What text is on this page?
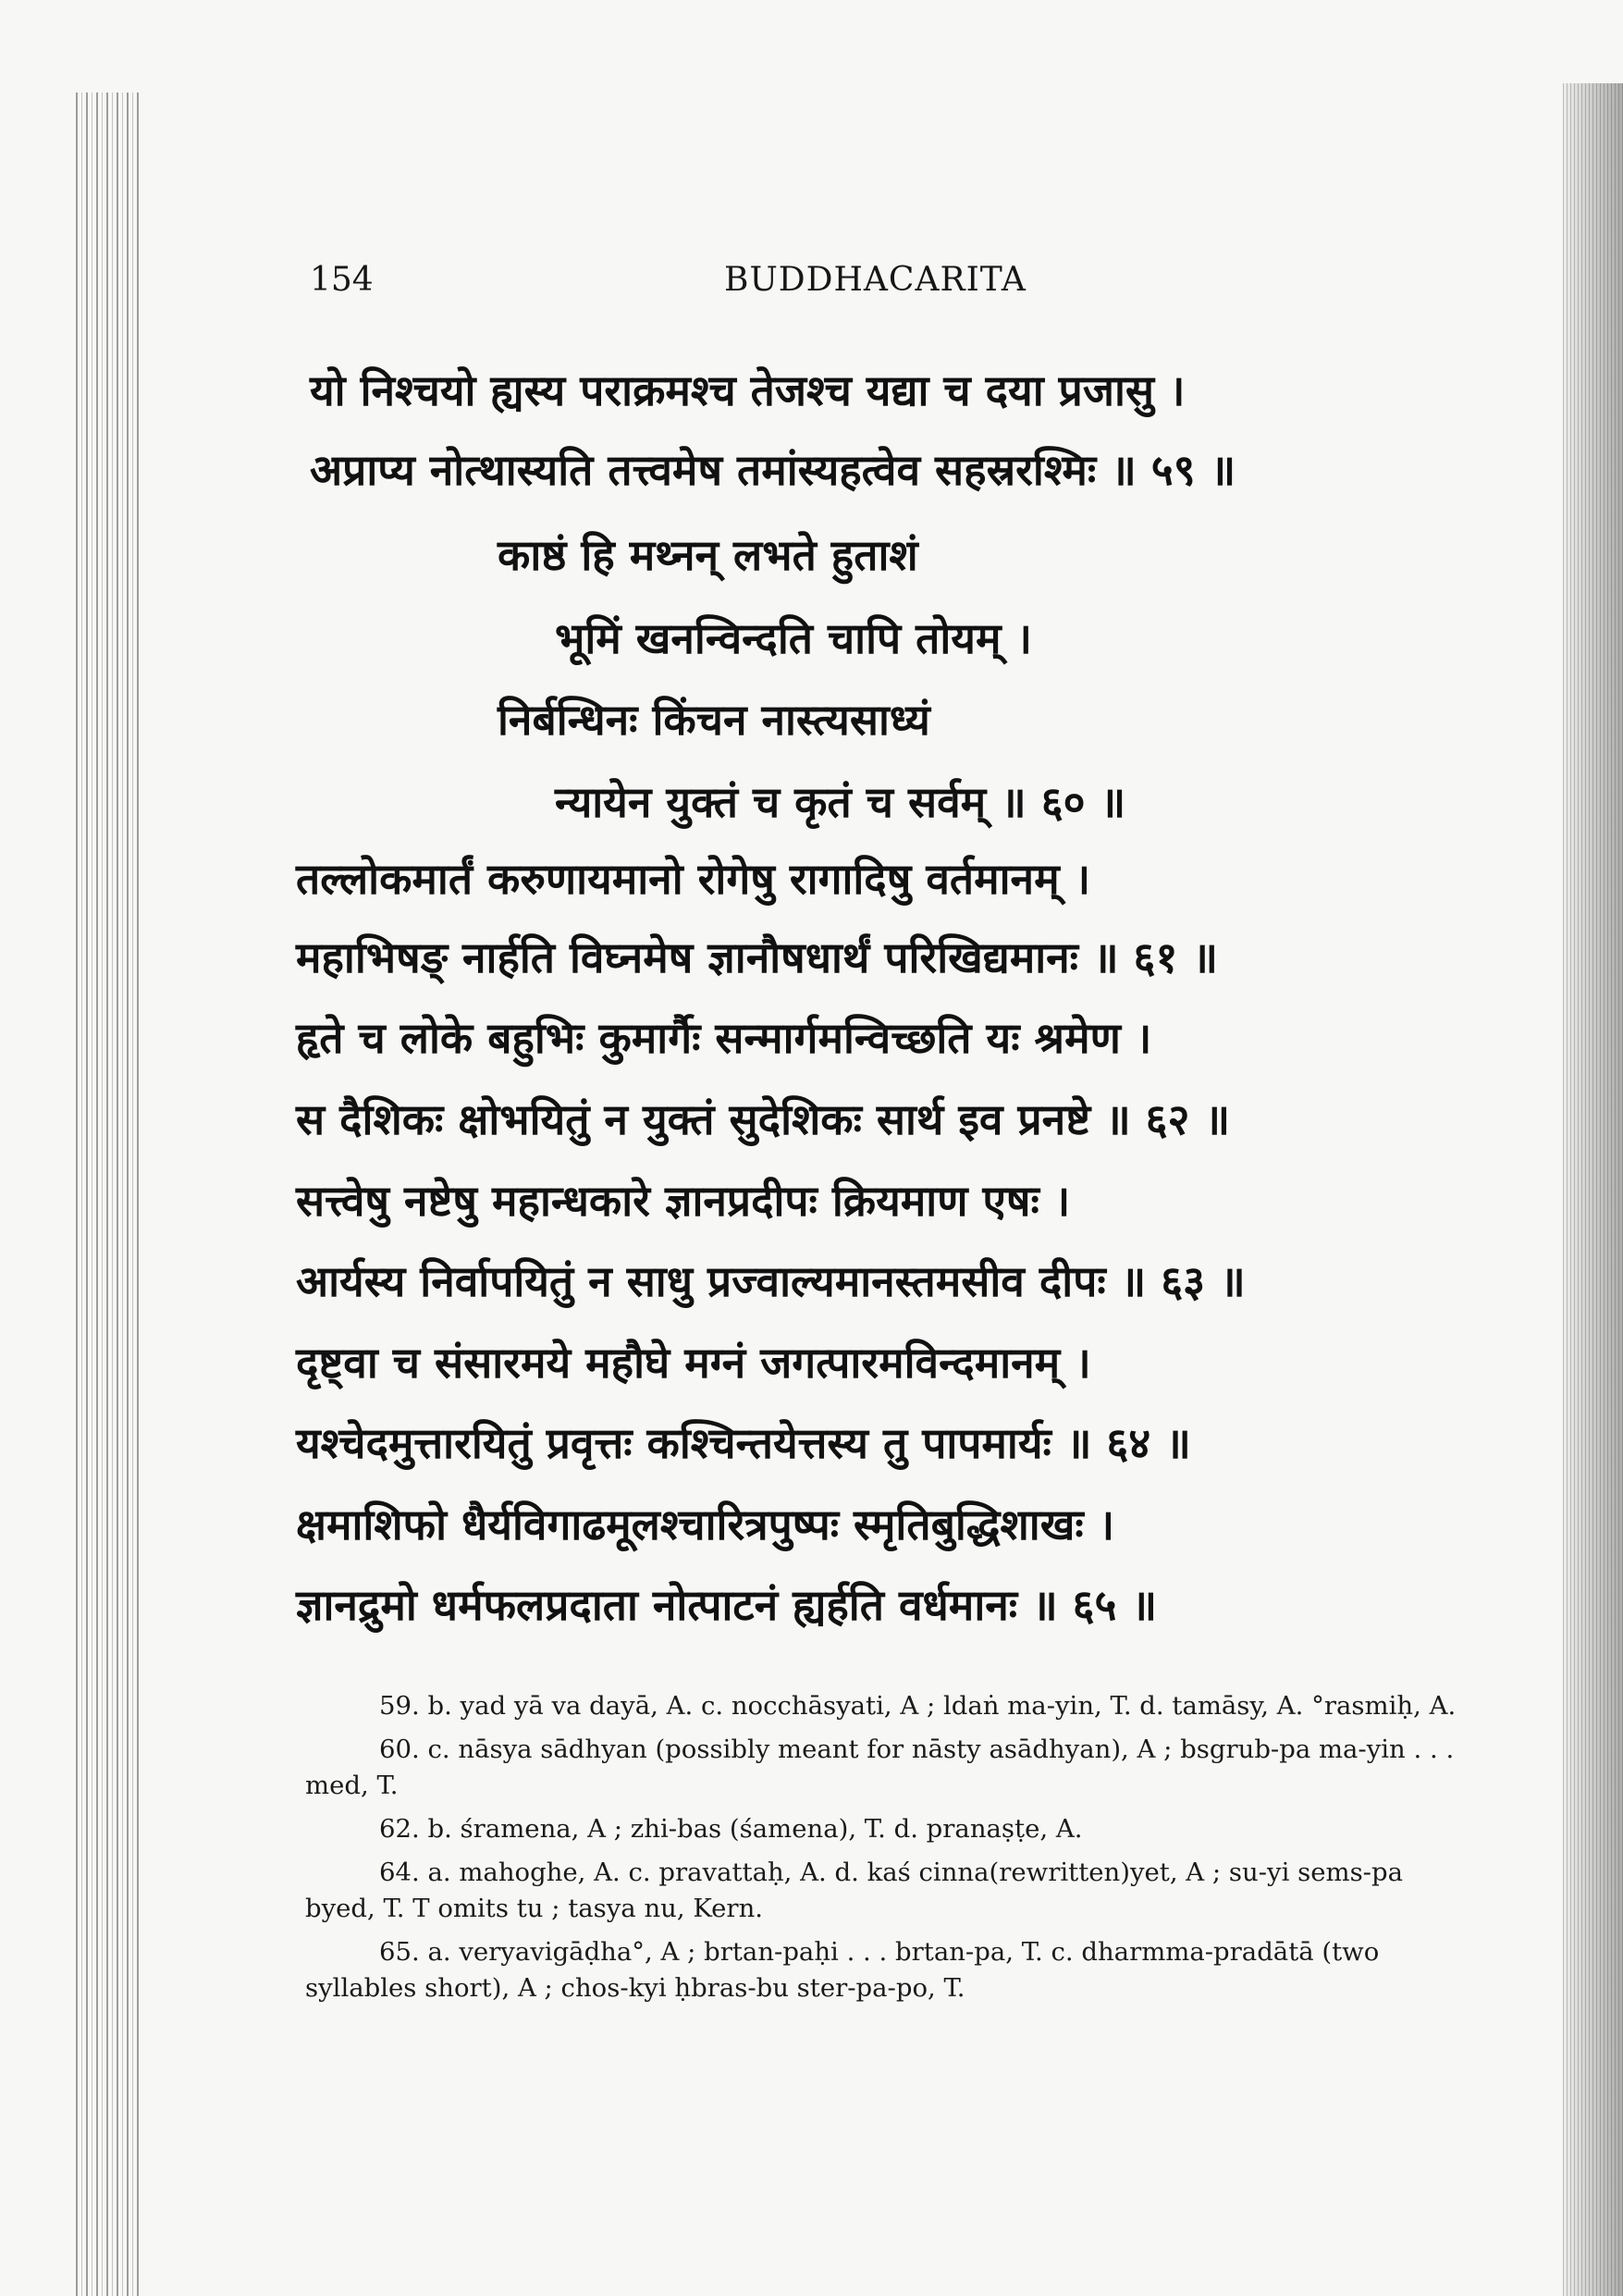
154	BUDDHACARITA
यो निश्चयो ह्यस्य पराक्रमश्च तेजश्च यद्या च दया प्रजासु ।
अप्राप्य नोत्थास्यति तत्त्वमेष तमांस्यहत्वेव सहस्ररश्मिः ॥ ५९ ॥
काष्ठं हि मथ्नन् लभते हुताशं
भूमिं खनन्विन्दति चापि तोयम् ।
निर्बन्धिनः किंचन नास्त्यसाध्यं
न्यायेन युक्तं च कृतं च सर्वम् ॥ ६० ॥
तल्लोकमार्तं करुणायमानो रोगेषु रागादिषु वर्तमानम् ।
महाभिषङ् नार्हति विघ्नमेष ज्ञानौषधार्थं परिखिद्यमानः ॥ ६१ ॥
हृते च लोके बहुभिः कुमार्गैः सन्मार्गमन्विच्छति यः श्रमेण ।
स दैशिकः क्षोभयितुं न युक्तं सुदेशिकः सार्थ इव प्रनष्टे ॥ ६२ ॥
सत्त्वेषु नष्टेषु महान्धकारे ज्ञानप्रदीपः क्रियमाण एषः ।
आर्यस्य निर्वापयितुं न साधु प्रज्वाल्यमानस्तमसीव दीपः ॥ ६३ ॥
दृष्ट्वा च संसारमये महौघे मग्नं जगत्पारमविन्दमानम् ।
यश्चेदमुत्तारयितुं प्रवृत्तः कश्चिन्तयेत्तस्य तु पापमार्यः ॥ ६४ ॥
क्षमाशिफो धैर्यविगाढमूलश्चारित्रपुष्पः स्मृतिबुद्धिशाखः ।
ज्ञानद्रुमो धर्मफलप्रदाता नोत्पाटनं ह्यर्हति वर्धमानः ॥ ६५ ॥

59. b. yad yā va dayā, A. c. nocchāsyati, A ; ldaṅ ma-yin, T. d. tamāsy, A. °rasmiḥ, A.

60. c. nāsya sādhyan (possibly meant for nāsty asādhyan), A ; bsgrub-pa ma-yin . . . med, T.

62. b. śramena, A ; zhi-bas (śamena), T. d. pranaṣṭe, A.

64. a. mahoghe, A. c. pravattaḥ, A. d. kaś cinna(rewritten)yet, A ; su-yi sems-pa byed, T. T omits tu ; tasya nu, Kern.

65. a. veryavigāḍha°, A ; brtan-paḥi . . . brtan-pa, T. c. dharmma-pradātā (two syllables short), A ; chos-kyi ḥbras-bu ster-pa-po, T.
